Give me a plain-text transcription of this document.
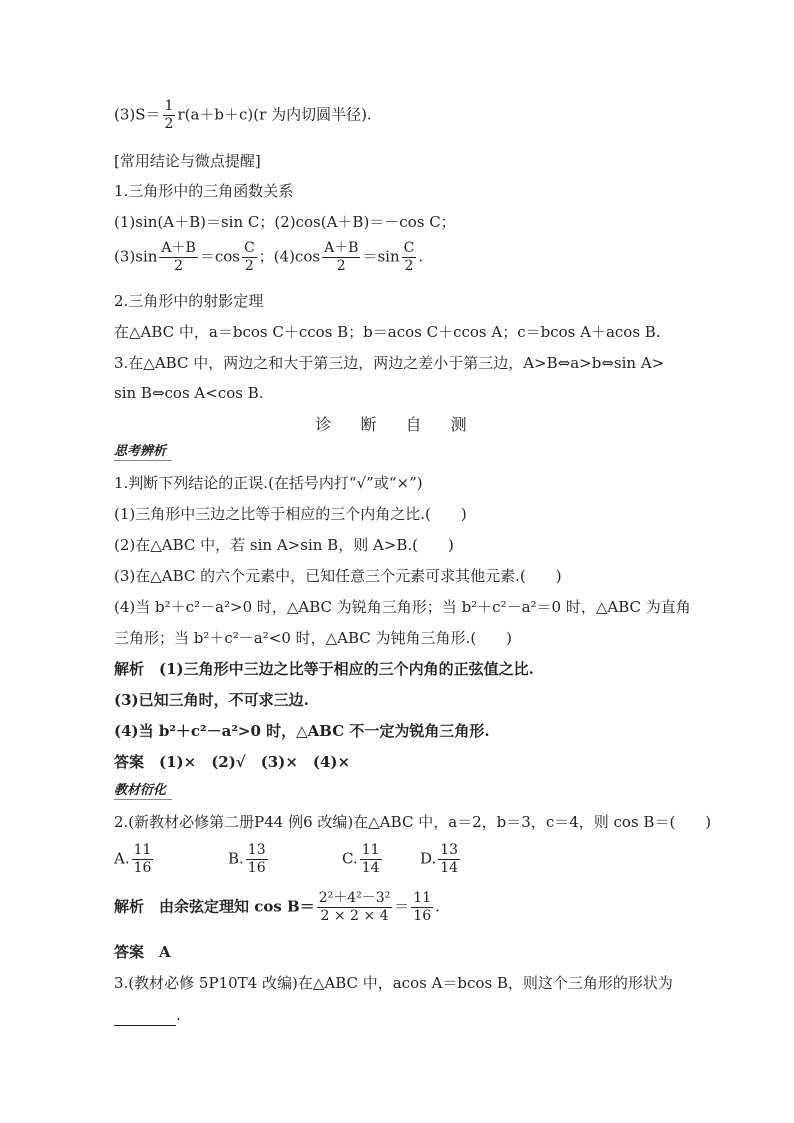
$(3)S= \frac{1}{2} r(a+b+c)(r$ 为内切圆半径).
[常用结论与微点提醒]
1.三角形中的三角函数关系
(1)sin(A＋B)＝sin C；(2)cos(A＋B)＝－cos C；
$(3)\sin \frac{A+B}{2} =\cos \frac{C}{2}$ ；$(4)\cos \frac{A+B}{2} =\sin \frac{C}{2}$ .
2.三角形中的射影定理
在△ABC 中，a＝bcos C＋ccos B；b＝acos C＋ccos A；c＝bcos A＋acos B.
3.在△ABC 中，两边之和大于第三边，两边之差小于第三边，A>B⇔a>b⇔sin A>
sin B⇔cos A<cos B.
诊 断 自 测
思考辨析
1.判断下列结论的正误.(在括号内打“√”或“×”)
(1)三角形中三边之比等于相应的三个内角之比.(　　)
(2)在△ABC 中，若 sin A>sin B，则 A>B.(　　)
(3)在△ABC 的六个元素中，已知任意三个元素可求其他元素.(　　)
(4)当 b²＋c²－a²>0 时，△ABC 为锐角三角形；当 b²＋c²－a²＝0 时，△ABC 为直角
三角形；当 b²＋c²－a²<0 时，△ABC 为钝角三角形.(　　)
解析　(1)三角形中三边之比等于相应的三个内角的正弦值之比.
(3)已知三角时，不可求三边.
(4)当 b²＋c²－a²>0 时，△ABC 不一定为锐角三角形.
答案　(1)×　(2)√　(3)×　(4)×
教材衍化
2.(新教材必修第二册P44 例6 改编)在△ABC 中，a＝2，b＝3，c＝4，则 cos B＝(　　)
A. $\frac{11}{16}$	B. $\frac{13}{16}$	C. $\frac{11}{14}$	D. $\frac{13}{14}$
解析　由余弦定理知 $\cos B= \frac{\text{2²＋4²－3²}}{2 \times 2 \times 4} = \frac{11}{16}$ .
答案　A
3.(教材必修 5P10T4 改编)在△ABC 中，acos A＝bcos B，则这个三角形的形状为
.
